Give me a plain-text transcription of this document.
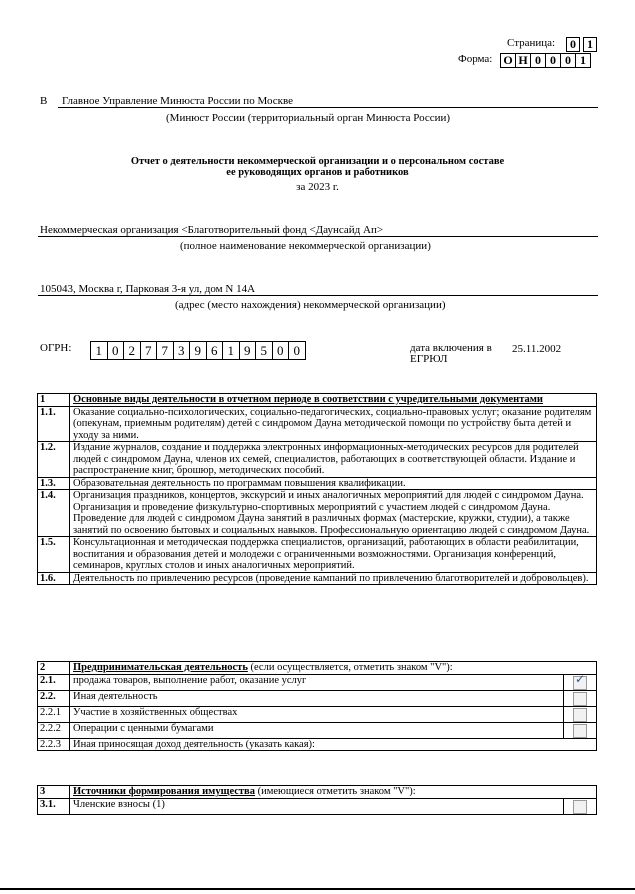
Страница:	0 1
Форма: О Н 0 0 0 1
В Главное Управление Минюста России по Москве
(Минюст России (территориальный орган Минюста России)
Отчет о деятельности некоммерческой организации и о персональном составе
ее руководящих органов и работников
за 2023 г.
Некоммерческая организация <Благотворительный фонд <Даунсайд Ап>
(полное наименование некоммерческой организации)
105043, Москва г, Парковая 3-я ул, дом N 14А
(адрес (место нахождения) некоммерческой организации)
ОГРН:	1 0 2 7 7 3 9 6 1 9 5 0 0	дата включения в
ЕГРЮЛ
25.11.2002
1	Основные виды деятельности в отчетном периоде в соответствии с учредительными документами
1.1.	Оказание социально-психологических, социально-педагогических, социально-правовых услуг; оказание родителям (опекунам, приемным родителям) детей с синдромом Дауна методической помощи по устройству быта детей и уходу за ними.
1.2.	Издание журналов, создание и поддержка электронных информационных-методических ресурсов для родителей людей с синдромом Дауна, членов их семей, специалистов, работающих в соответствующей области. Издание и распространение книг, брошюр, методических пособий.
1.3.	Образовательная деятельность по программам повышения квалификации.
1.4.	Организация праздников, концертов, экскурсий и иных аналогичных мероприятий для людей с синдромом Дауна. Организация и проведение физкультурно-спортивных мероприятий с участием людей с синдромом Дауна. Проведение для людей с синдромом Дауна занятий в различных формах (мастерские, кружки, студии), а также занятий по освоению бытовых и социальных навыков. Профессиональную ориентацию людей с синдромом Дауна.
1.5.	Консультационная и методическая поддержка специалистов, организаций, работающих в области реабилитации, воспитания и образования детей и молодежи с ограниченными возможностями. Организация конференций, семинаров, круглых столов и иных аналогичных мероприятий.
1.6.	Деятельность по привлечению ресурсов (проведение кампаний по привлечению благотворителей и добровольцев).
2	Предпринимательская деятельность (если осуществляется, отметить знаком "V"):	
2.1.	продажа товаров, выполнение работ, оказание услуг	✓

2.2.	Иная деятельность	
2.2.1	Участие в хозяйственных обществах	
2.2.2	Операции с ценными бумагами	
2.2.3	Иная приносящая доход деятельность (указать какая):	
3	Источники формирования имущества (имеющиеся отметить знаком "V"):	
3.1.	Членские взносы (1)	
